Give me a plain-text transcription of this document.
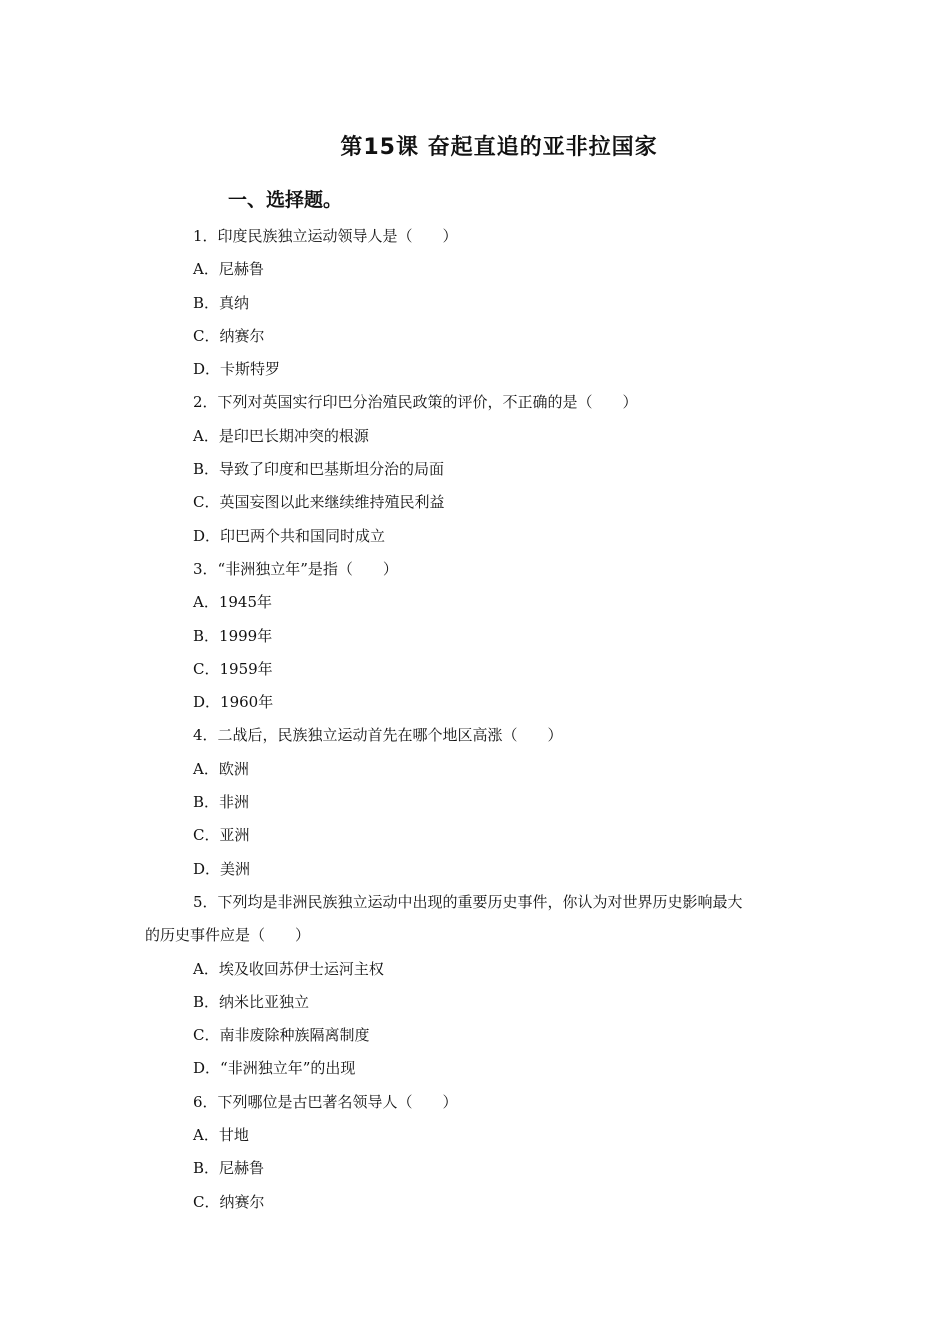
第15课 奋起直追的亚非拉国家
一、选择题。
1．印度民族独立运动领导人是（　　）
A．尼赫鲁
B．真纳
C．纳赛尔
D．卡斯特罗
2．下列对英国实行印巴分治殖民政策的评价，不正确的是（　　）
A．是印巴长期冲突的根源
B．导致了印度和巴基斯坦分治的局面
C．英国妄图以此来继续维持殖民利益
D．印巴两个共和国同时成立
3．“非洲独立年”是指（　　）
A．1945年
B．1999年
C．1959年
D．1960年
4．二战后，民族独立运动首先在哪个地区高涨（　　）
A．欧洲
B．非洲
C．亚洲
D．美洲
5．下列均是非洲民族独立运动中出现的重要历史事件，你认为对世界历史影响最大
的历史事件应是（　　）
A．埃及收回苏伊士运河主权
B．纳米比亚独立
C．南非废除种族隔离制度
D．“非洲独立年”的出现
6．下列哪位是古巴著名领导人（　　）
A．甘地
B．尼赫鲁
C．纳赛尔
